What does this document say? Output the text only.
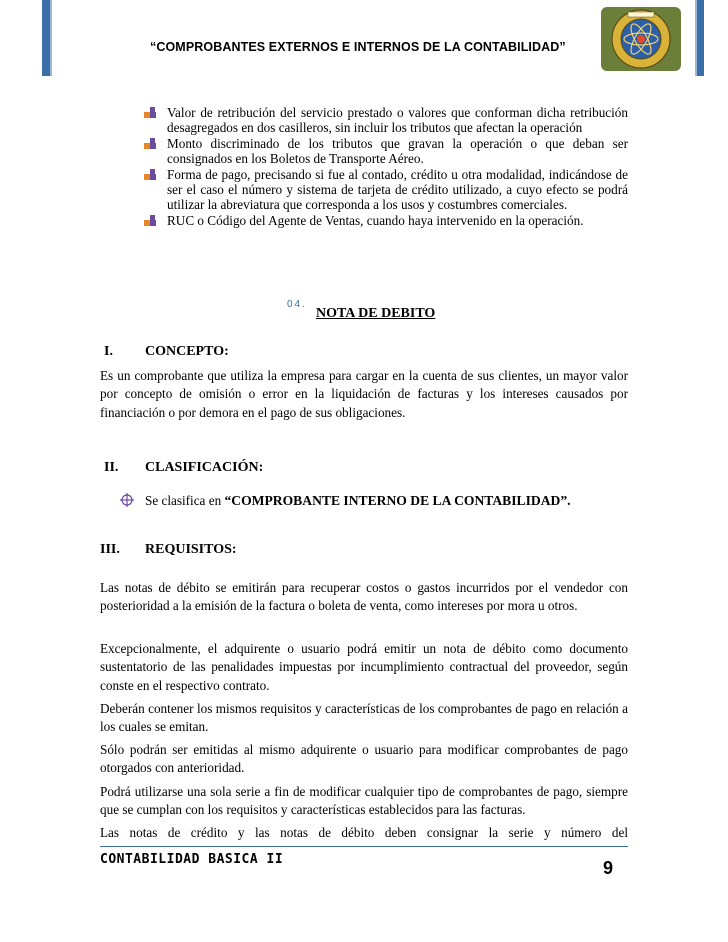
“COMPROBANTES EXTERNOS E INTERNOS DE LA CONTABILIDAD”
Valor de retribución del servicio prestado o valores que conforman dicha retribución desagregados en dos casilleros, sin incluir los tributos que afectan la operación
Monto discriminado de los tributos que gravan la operación o que deban ser consignados en los Boletos de Transporte Aéreo.
Forma de pago, precisando si fue al contado, crédito u otra modalidad, indicándose de ser el caso el número y sistema de tarjeta de crédito utilizado, a cuyo efecto se podrá utilizar la abreviatura que corresponda a los usos y costumbres comerciales.
RUC o Código del Agente de Ventas, cuando haya intervenido en la operación.
04.
NOTA DE DEBITO
I. CONCEPTO:
Es un comprobante que utiliza la empresa para cargar en la cuenta de sus clientes, un mayor valor por concepto de omisión o error en la liquidación de facturas y los intereses causados por financiación o por demora en el pago de sus obligaciones.
II. CLASIFICACIÓN:
Se clasifica en “COMPROBANTE INTERNO DE LA CONTABILIDAD”.
III. REQUISITOS:
Las notas de débito se emitirán para recuperar costos o gastos incurridos por el vendedor con posterioridad a la emisión de la factura o boleta de venta, como intereses por mora u otros.
Excepcionalmente, el adquirente o usuario podrá emitir un nota de débito como documento sustentatorio de las penalidades impuestas por incumplimiento contractual del proveedor, según conste en el respectivo contrato.
Deberán contener los mismos requisitos y características de los comprobantes de pago en relación a los cuales se emitan.
Sólo podrán ser emitidas al mismo adquirente o usuario para modificar comprobantes de pago otorgados con anterioridad.
Podrá utilizarse una sola serie a fin de modificar cualquier tipo de comprobantes de pago, siempre que se cumplan con los requisitos y características establecidos para las facturas.
Las notas de crédito y las notas de débito deben consignar la serie y número del
CONTABILIDAD BASICA II	9
